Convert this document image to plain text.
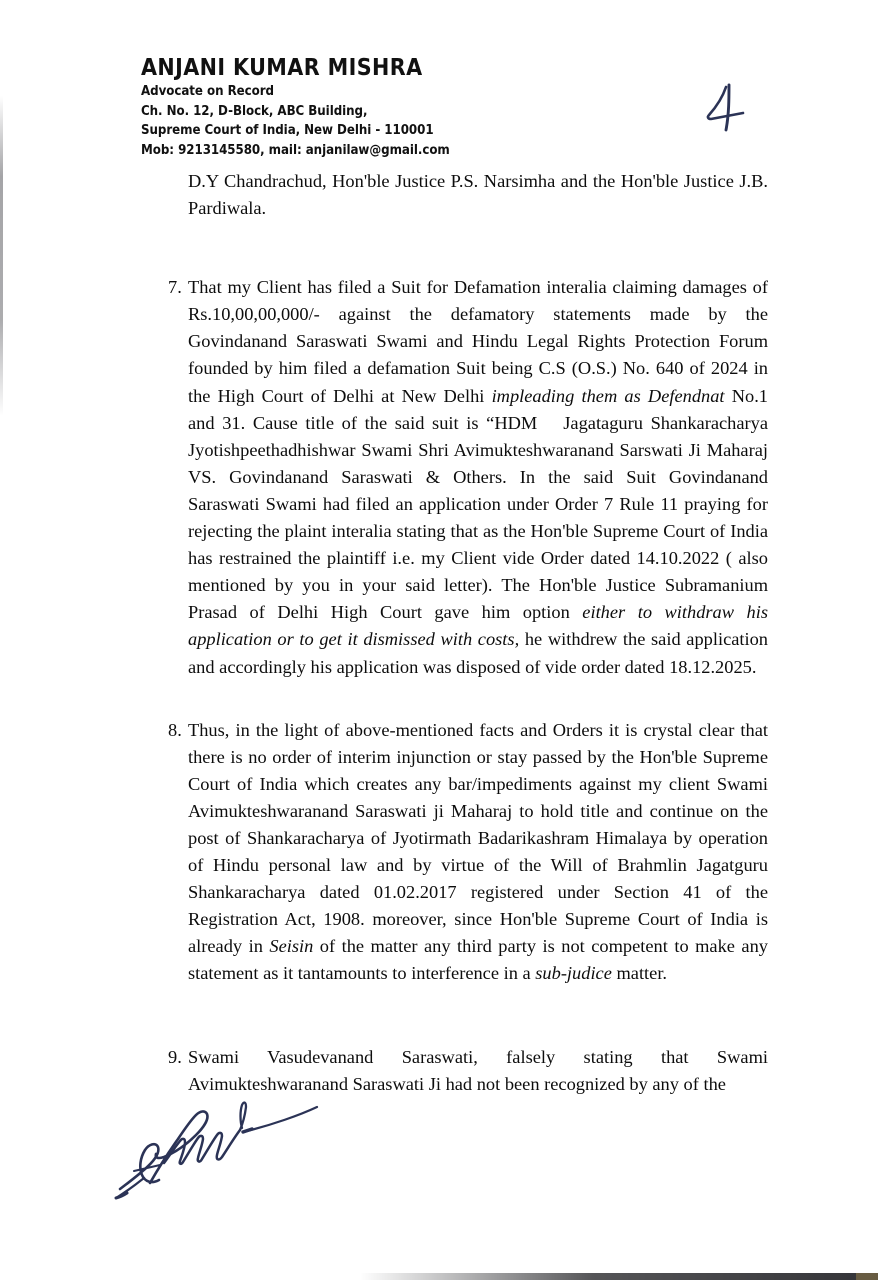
ANJANI KUMAR MISHRA
Advocate on Record
Ch. No. 12, D-Block, ABC Building,
Supreme Court of India, New Delhi - 110001
Mob: 9213145580, mail: anjanilaw@gmail.com
D.Y Chandrachud, Hon'ble Justice P.S. Narsimha and the Hon'ble Justice J.B. Pardiwala.
7. That my Client has filed a Suit for Defamation interalia claiming damages of Rs.10,00,00,000/- against the defamatory statements made by the Govindanand Saraswati Swami and Hindu Legal Rights Protection Forum founded by him filed a defamation Suit being C.S (O.S.) No. 640 of 2024 in the High Court of Delhi at New Delhi impleading them as Defendnat No.1 and 31. Cause title of the said suit is “HDM Jagataguru Shankaracharya Jyotishpeethadhishwar Swami Shri Avimukteshwaranand Sarswati Ji Maharaj VS. Govindanand Saraswati & Others. In the said Suit Govindanand Saraswati Swami had filed an application under Order 7 Rule 11 praying for rejecting the plaint interalia stating that as the Hon'ble Supreme Court of India has restrained the plaintiff i.e. my Client vide Order dated 14.10.2022 ( also mentioned by you in your said letter). The Hon'ble Justice Subramanium Prasad of Delhi High Court gave him option either to withdraw his application or to get it dismissed with costs, he withdrew the said application and accordingly his application was disposed of vide order dated 18.12.2025.
8. Thus, in the light of above-mentioned facts and Orders it is crystal clear that there is no order of interim injunction or stay passed by the Hon'ble Supreme Court of India which creates any bar/impediments against my client Swami Avimukteshwaranand Saraswati ji Maharaj to hold title and continue on the post of Shankaracharya of Jyotirmath Badarikashram Himalaya by operation of Hindu personal law and by virtue of the Will of Brahmlin Jagatguru Shankaracharya dated 01.02.2017 registered under Section 41 of the Registration Act, 1908. moreover, since Hon'ble Supreme Court of India is already in Seisin of the matter any third party is not competent to make any statement as it tantamounts to interference in a sub-judice matter.
9. Swami Vasudevanand Saraswati, falsely stating that Swami Avimukteshwaranand Saraswati Ji had not been recognized by any of the
